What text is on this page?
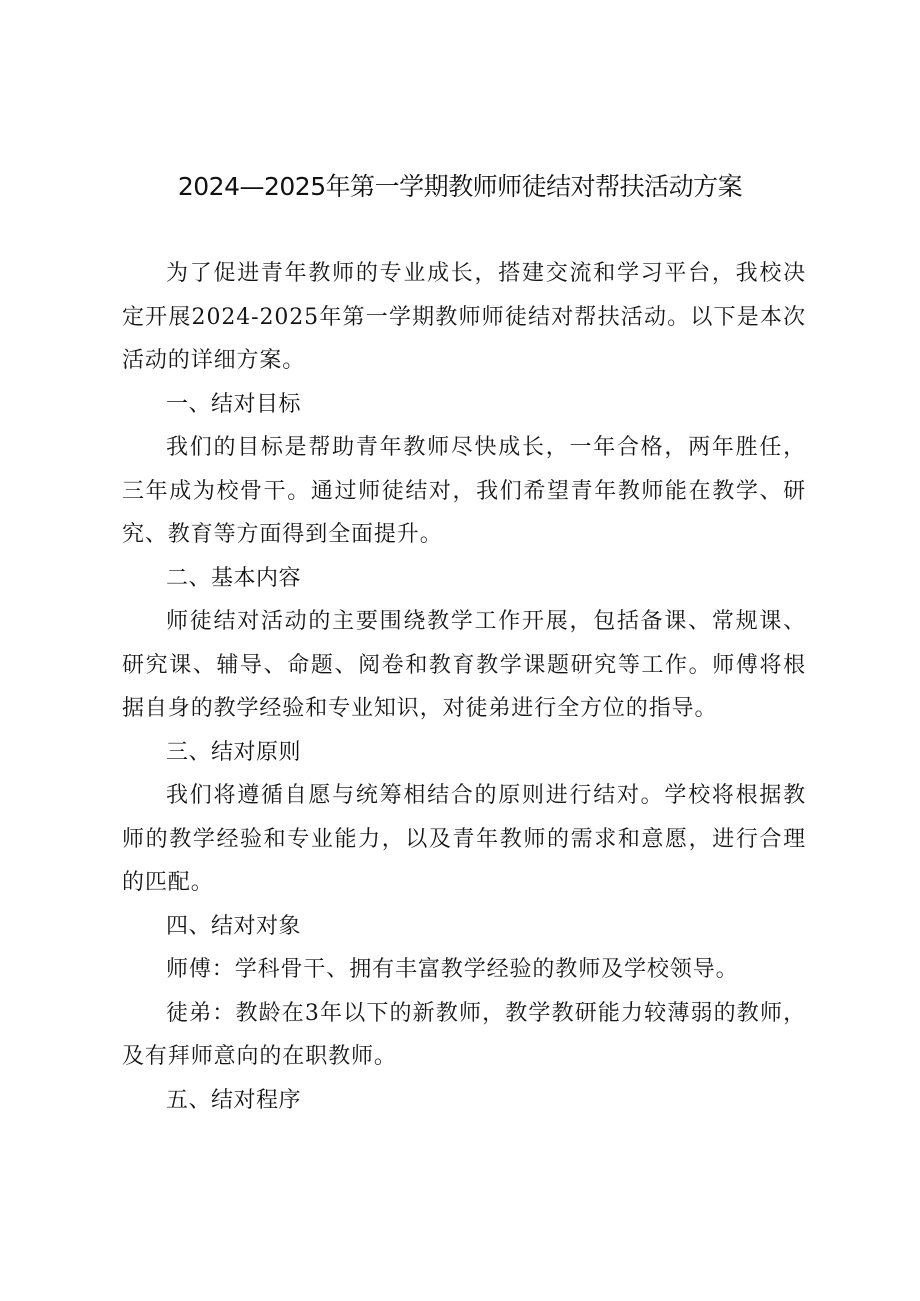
2024—2025年第一学期教师师徒结对帮扶活动方案

为了促进青年教师的专业成长，搭建交流和学习平台，我校决定开展2024-2025年第一学期教师师徒结对帮扶活动。以下是本次活动的详细方案。

一、结对目标

我们的目标是帮助青年教师尽快成长，一年合格，两年胜任，三年成为校骨干。通过师徒结对，我们希望青年教师能在教学、研究、教育等方面得到全面提升。

二、基本内容

师徒结对活动的主要围绕教学工作开展，包括备课、常规课、研究课、辅导、命题、阅卷和教育教学课题研究等工作。师傅将根据自身的教学经验和专业知识，对徒弟进行全方位的指导。

三、结对原则

我们将遵循自愿与统筹相结合的原则进行结对。学校将根据教师的教学经验和专业能力，以及青年教师的需求和意愿，进行合理的匹配。

四、结对对象

师傅：学科骨干、拥有丰富教学经验的教师及学校领导。

徒弟：教龄在3年以下的新教师，教学教研能力较薄弱的教师，及有拜师意向的在职教师。

五、结对程序
